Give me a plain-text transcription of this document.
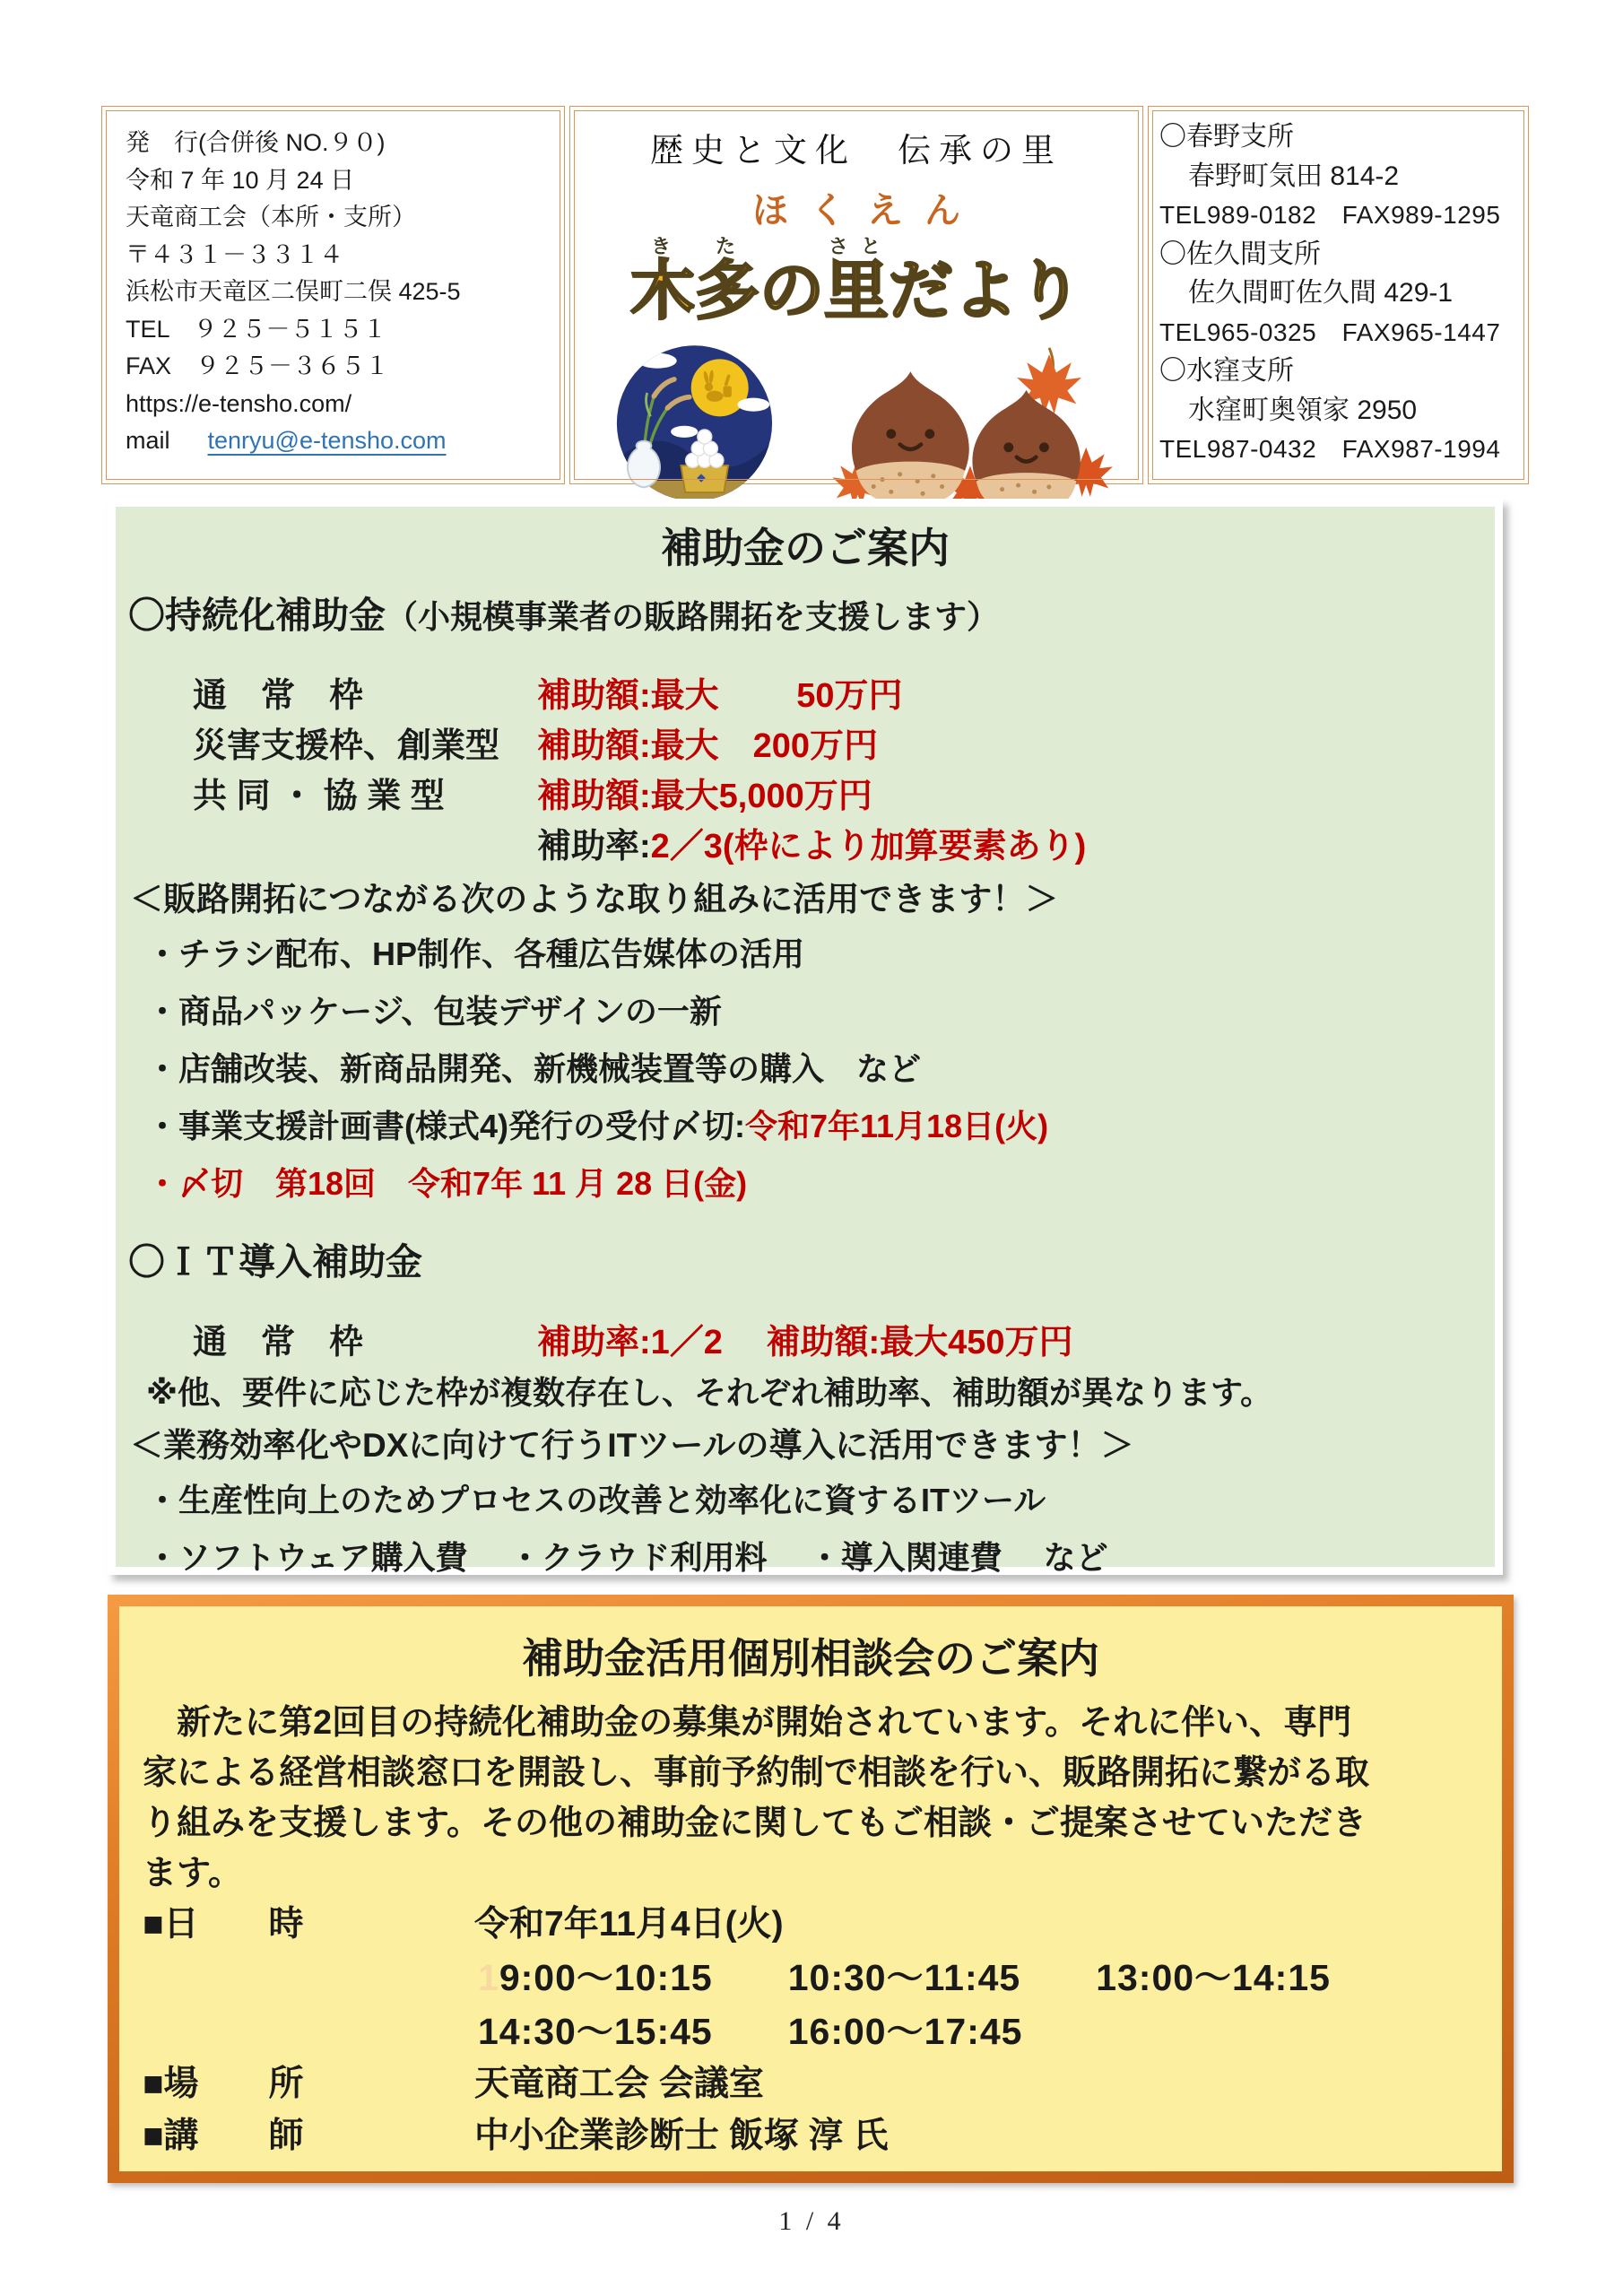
発　行(合併後 NO.９０)
令和 7 年 10 月 24 日
天竜商工会（本所・支所）
〒４３１－３３１４
浜松市天竜区二俣町二俣 425-5
TEL　９２５－５１５１
FAX　９２５－３６５１
https://e-tensho.com/
mail tenryu@e-tensho.com
歴史と文化　伝承の里
ほくえん
木き多たの里さとだより
〇春野支所
春野町気田 814-2
TEL989-0182　FAX989-1295
〇佐久間支所
佐久間町佐久間 429-1
TEL965-0325　FAX965-1447
〇水窪支所
水窪町奥領家 2950
TEL987-0432　FAX987-1994
補助金のご案内
〇持続化補助金（小規模事業者の販路開拓を支援します）
通　常　枠	補助額:最大　　 50万円
災害支援枠、創業型	補助額:最大　200万円
共 同 ・ 協 業 型	補助額:最大5,000万円
補助率: 2／3(枠により加算要素あり)
＜販路開拓につながる次のような取り組みに活用できます！＞
・チラシ配布、HP制作、各種広告媒体の活用
・商品パッケージ、包装デザインの一新
・店舗改装、新商品開発、新機械装置等の購入　など
・事業支援計画書(様式4)発行の受付〆切:令和7年11月18日(火)
・〆切　第18回　令和7年 11 月 28 日(金)
〇ＩＴ導入補助金
通　常　枠	補助率:1／2　 補助額:最大450万円
※他、要件に応じた枠が複数存在し、それぞれ補助率、補助額が異なります。
＜業務効率化やDXに向けて行うITツールの導入に活用できます！＞
・生産性向上のためプロセスの改善と効率化に資するITツール
・ソフトウェア購入費　 ・クラウド利用料　 ・導入関連費　 など
補助金活用個別相談会のご案内
　新たに第2回目の持続化補助金の募集が開始されています。それに伴い、専門
家による経営相談窓口を開設し、事前予約制で相談を行い、販路開拓に繋がる取
り組みを支援します。その他の補助金に関してもご相談・ご提案させていただき
ます。
■日　　時	令和7年11月4日(火)
19:00～10:15　　10:30～11:45　　13:00～14:15
14:30～15:45　　16:00～17:45
■場　　所	天竜商工会 会議室
■講　　師	中小企業診断士 飯塚 淳 氏
1 / 4
